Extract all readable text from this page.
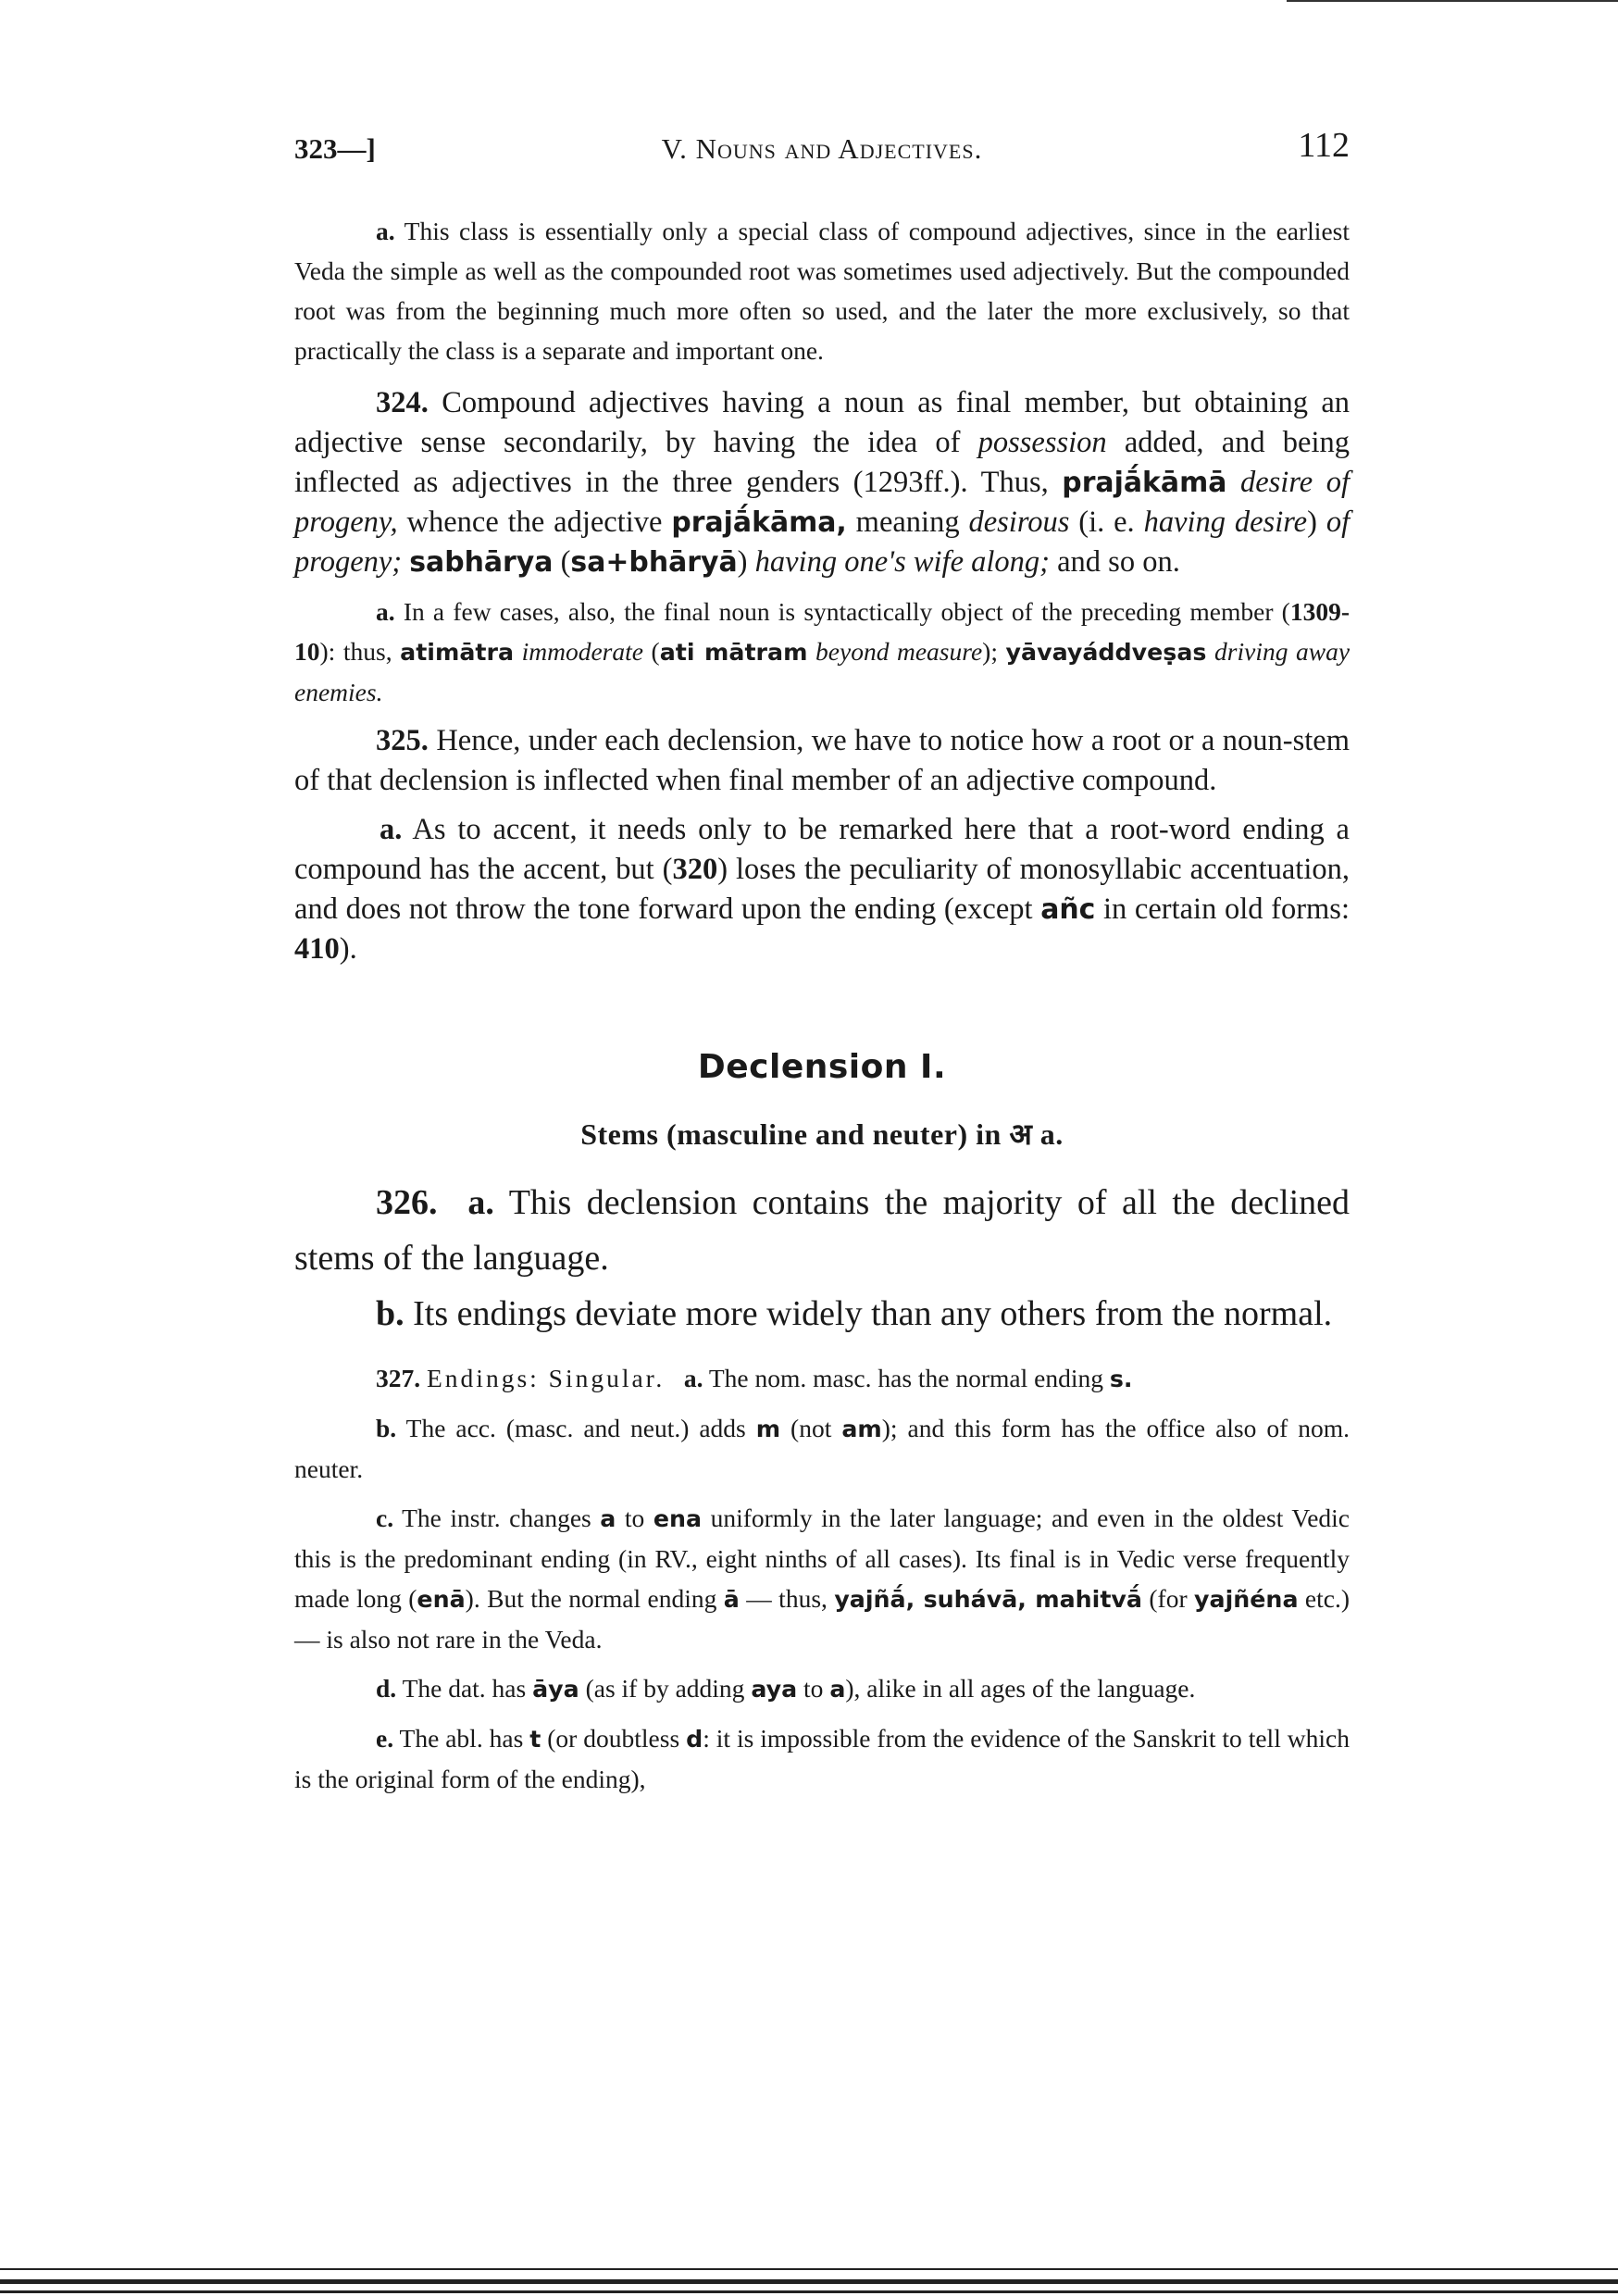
323—]	V. Nouns and Adjectives.	112

a. This class is essentially only a special class of compound adjectives, since in the earliest Veda the simple as well as the compounded root was sometimes used adjectively. But the compounded root was from the beginning much more often so used, and the later the more exclusively, so that practically the class is a separate and important one.

324. Compound adjectives having a noun as final member, but obtaining an adjective sense secondarily, by having the idea of possession added, and being inflected as adjectives in the three genders (1293ff.). Thus, prajā́kāmā desire of progeny, whence the adjective prajā́kāma, meaning desirous (i. e. having desire) of progeny; sabhārya (sa+bhāryā) having one's wife along; and so on.

a. In a few cases, also, the final noun is syntactically object of the preceding member (1309-10): thus, atimātra immoderate (ati mātram beyond measure); yāvayáddveṣas driving away enemies.

325. Hence, under each declension, we have to notice how a root or a noun-stem of that declension is inflected when final member of an adjective compound.

a. As to accent, it needs only to be remarked here that a root-word ending a compound has the accent, but (320) loses the peculiarity of monosyllabic accentuation, and does not throw the tone forward upon the ending (except añc in certain old forms: 410).

Declension I.
Stems (masculine and neuter) in अ a.

326. a. This declension contains the majority of all the declined stems of the language.

b. Its endings deviate more widely than any others from the normal.

327. Endings: Singular. a. The nom. masc. has the normal ending s.

b. The acc. (masc. and neut.) adds m (not am); and this form has the office also of nom. neuter.

c. The instr. changes a to ena uniformly in the later language; and even in the oldest Vedic this is the predominant ending (in RV., eight ninths of all cases). Its final is in Vedic verse frequently made long (enā). But the normal ending ā — thus, yajñā́, suhávā, mahitvā́ (for yajñéna etc.) — is also not rare in the Veda.

d. The dat. has āya (as if by adding aya to a), alike in all ages of the language.

e. The abl. has t (or doubtless d: it is impossible from the evidence of the Sanskrit to tell which is the original form of the ending),
